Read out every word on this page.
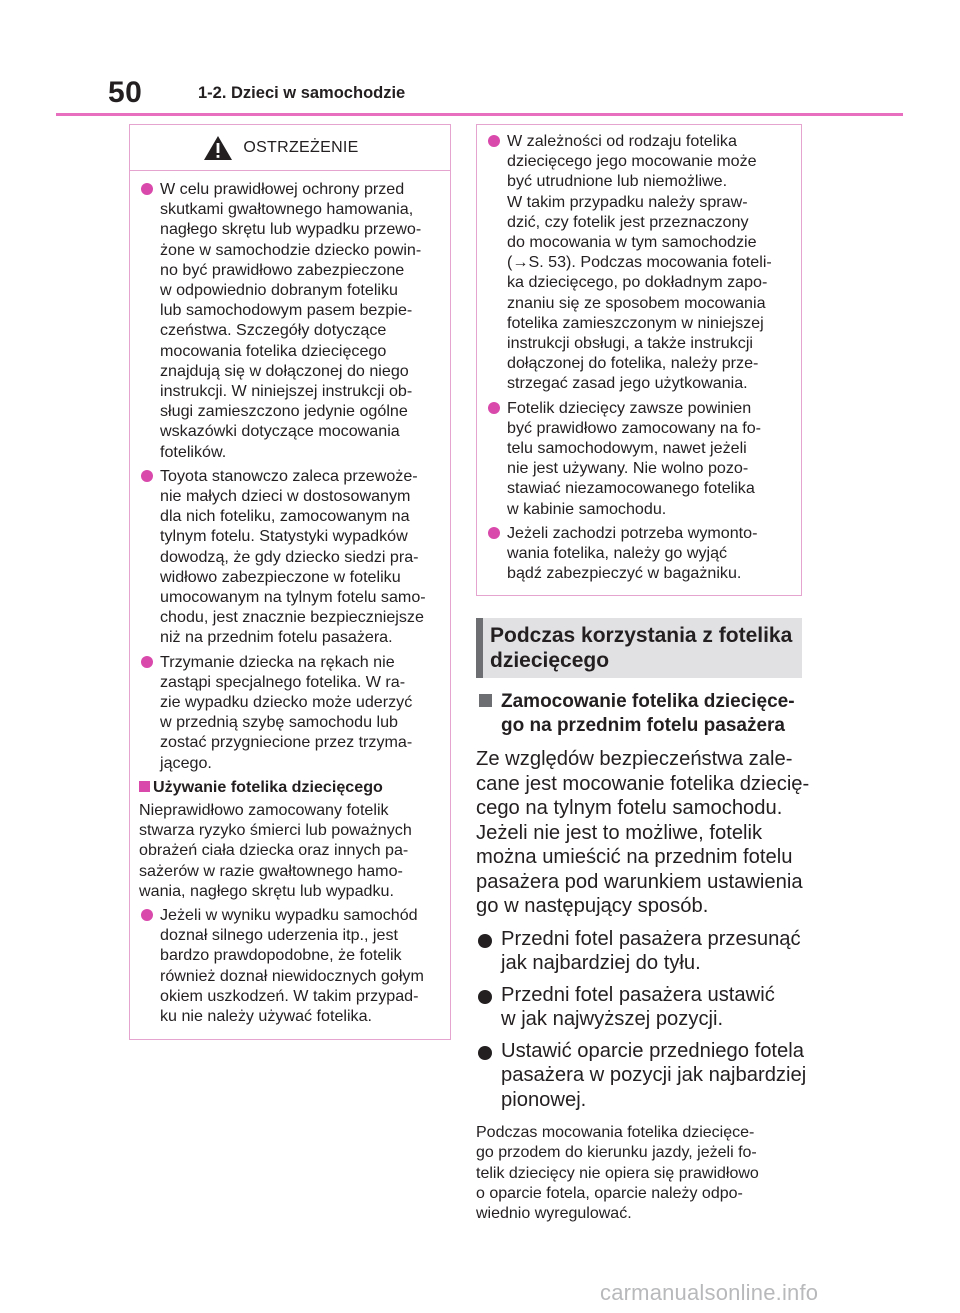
50	1-2. Dzieci w samochodzie
OSTRZEŻENIE
W celu prawidłowej ochrony przed
skutkami gwałtownego hamowania,
nagłego skrętu lub wypadku przewo-
żone w samochodzie dziecko powin-
no być prawidłowo zabezpieczone
w odpowiednio dobranym foteliku
lub samochodowym pasem bezpie-
czeństwa. Szczegóły dotyczące
mocowania fotelika dziecięcego
znajdują się w dołączonej do niego
instrukcji. W niniejszej instrukcji ob-
sługi zamieszczono jedynie ogólne
wskazówki dotyczące mocowania
fotelików.
Toyota stanowczo zaleca przewoże-
nie małych dzieci w dostosowanym
dla nich foteliku, zamocowanym na
tylnym fotelu. Statystyki wypadków
dowodzą, że gdy dziecko siedzi pra-
widłowo zabezpieczone w foteliku
umocowanym na tylnym fotelu samo-
chodu, jest znacznie bezpieczniejsze
niż na przednim fotelu pasażera.
Trzymanie dziecka na rękach nie
zastąpi specjalnego fotelika. W ra-
zie wypadku dziecko może uderzyć
w przednią szybę samochodu lub
zostać przygniecione przez trzyma-
jącego.
Używanie fotelika dziecięcego
Nieprawidłowo zamocowany fotelik
stwarza ryzyko śmierci lub poważnych
obrażeń ciała dziecka oraz innych pa-
sażerów w razie gwałtownego hamo-
wania, nagłego skrętu lub wypadku.
Jeżeli w wyniku wypadku samochód
doznał silnego uderzenia itp., jest
bardzo prawdopodobne, że fotelik
również doznał niewidocznych gołym
okiem uszkodzeń. W takim przypad-
ku nie należy używać fotelika.
W zależności od rodzaju fotelika
dziecięcego jego mocowanie może
być utrudnione lub niemożliwe.
W takim przypadku należy spraw-
dzić, czy fotelik jest przeznaczony
do mocowania w tym samochodzie
(→S. 53). Podczas mocowania foteli-
ka dziecięcego, po dokładnym zapo-
znaniu się ze sposobem mocowania
fotelika zamieszczonym w niniejszej
instrukcji obsługi, a także instrukcji
dołączonej do fotelika, należy prze-
strzegać zasad jego użytkowania.
Fotelik dziecięcy zawsze powinien
być prawidłowo zamocowany na fo-
telu samochodowym, nawet jeżeli
nie jest używany. Nie wolno pozo-
stawiać niezamocowanego fotelika
w kabinie samochodu.
Jeżeli zachodzi potrzeba wymonto-
wania fotelika, należy go wyjąć
bądź zabezpieczyć w bagażniku.
Podczas korzystania z fotelika
dziecięcego
Zamocowanie fotelika dziecięce-
go na przednim fotelu pasażera
Ze względów bezpieczeństwa zale-
cane jest mocowanie fotelika dziecię-
cego na tylnym fotelu samochodu.
Jeżeli nie jest to możliwe, fotelik
można umieścić na przednim fotelu
pasażera pod warunkiem ustawienia
go w następujący sposób.
Przedni fotel pasażera przesunąć
jak najbardziej do tyłu.
Przedni fotel pasażera ustawić
w jak najwyższej pozycji.
Ustawić oparcie przedniego fotela
pasażera w pozycji jak najbardziej
pionowej.
Podczas mocowania fotelika dziecięce-
go przodem do kierunku jazdy, jeżeli fo-
telik dziecięcy nie opiera się prawidłowo
o oparcie fotela, oparcie należy odpo-
wiednio wyregulować.
carmanualsonline.info
